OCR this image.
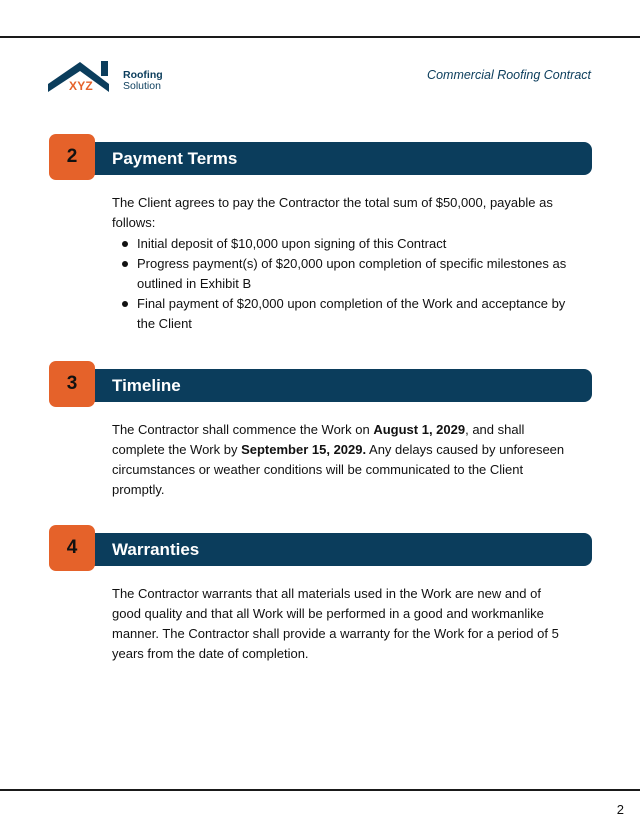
XYZ
Roofing
Solution
Commercial Roofing Contract
2	Payment Terms

The Client agrees to pay the Contractor the total sum of $50,000, payable as follows:

Initial deposit of $10,000 upon signing of this Contract
Progress payment(s) of $20,000 upon completion of specific milestones as outlined in Exhibit B
Final payment of $20,000 upon completion of the Work and acceptance by the Client
3	Timeline

The Contractor shall commence the Work on August 1, 2029, and shall complete the Work by September 15, 2029. Any delays caused by unforeseen circumstances or weather conditions will be communicated to the Client promptly.

4	Warranties

The Contractor warrants that all materials used in the Work are new and of good quality and that all Work will be performed in a good and workmanlike manner. The Contractor shall provide a warranty for the Work for a period of 5 years from the date of completion.

2
